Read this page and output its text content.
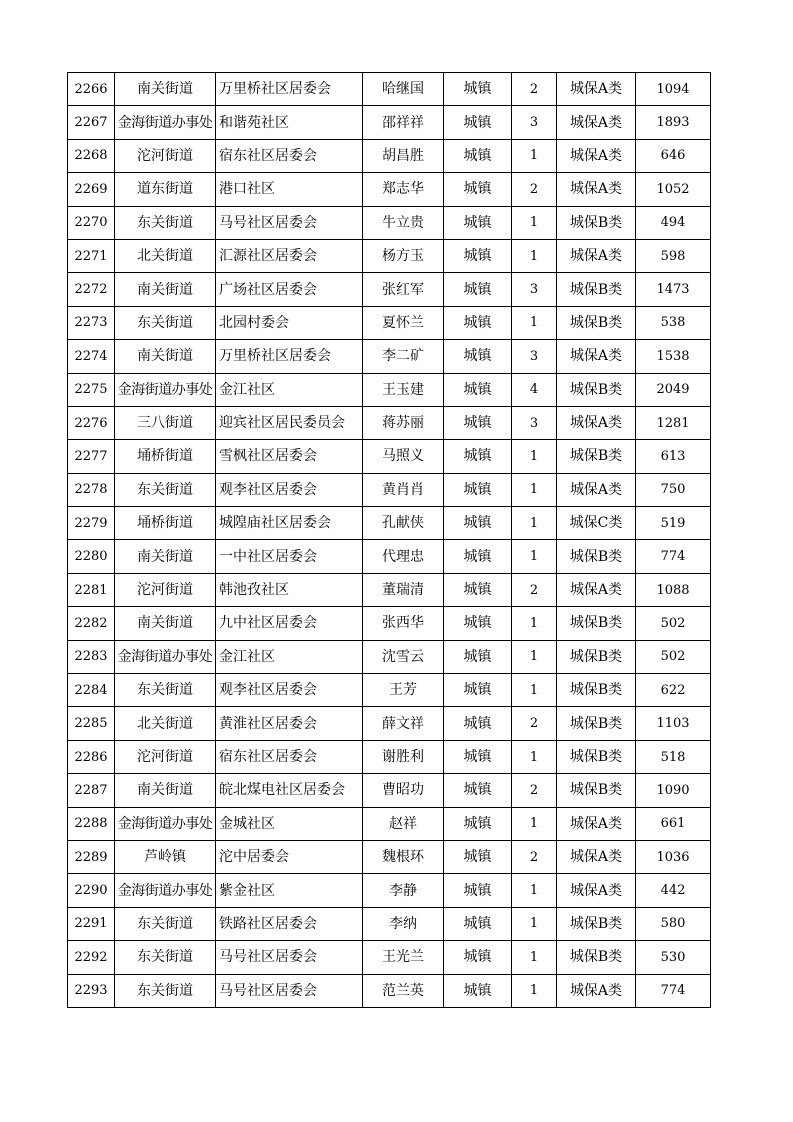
2266	南关街道	万里桥社区居委会	哈继国	城镇	2	城保A类	1094
2267	金海街道办事处	和谐苑社区	邵祥祥	城镇	3	城保A类	1893
2268	沱河街道	宿东社区居委会	胡昌胜	城镇	1	城保A类	646
2269	道东街道	港口社区	郑志华	城镇	2	城保A类	1052
2270	东关街道	马号社区居委会	牛立贵	城镇	1	城保B类	494
2271	北关街道	汇源社区居委会	杨方玉	城镇	1	城保A类	598
2272	南关街道	广场社区居委会	张红军	城镇	3	城保B类	1473
2273	东关街道	北园村委会	夏怀兰	城镇	1	城保B类	538
2274	南关街道	万里桥社区居委会	李二矿	城镇	3	城保A类	1538
2275	金海街道办事处	金江社区	王玉建	城镇	4	城保B类	2049
2276	三八街道	迎宾社区居民委员会	蒋苏丽	城镇	3	城保A类	1281
2277	埇桥街道	雪枫社区居委会	马照义	城镇	1	城保B类	613
2278	东关街道	观李社区居委会	黄肖肖	城镇	1	城保A类	750
2279	埇桥街道	城隍庙社区居委会	孔献侠	城镇	1	城保C类	519
2280	南关街道	一中社区居委会	代理忠	城镇	1	城保B类	774
2281	沱河街道	韩池孜社区	董瑞清	城镇	2	城保A类	1088
2282	南关街道	九中社区居委会	张西华	城镇	1	城保B类	502
2283	金海街道办事处	金江社区	沈雪云	城镇	1	城保B类	502
2284	东关街道	观李社区居委会	王芳	城镇	1	城保B类	622
2285	北关街道	黄淮社区居委会	薛文祥	城镇	2	城保B类	1103
2286	沱河街道	宿东社区居委会	谢胜利	城镇	1	城保B类	518
2287	南关街道	皖北煤电社区居委会	曹昭功	城镇	2	城保B类	1090
2288	金海街道办事处	金城社区	赵祥	城镇	1	城保A类	661
2289	芦岭镇	沱中居委会	魏根环	城镇	2	城保A类	1036
2290	金海街道办事处	紫金社区	李静	城镇	1	城保A类	442
2291	东关街道	铁路社区居委会	李纳	城镇	1	城保B类	580
2292	东关街道	马号社区居委会	王光兰	城镇	1	城保B类	530
2293	东关街道	马号社区居委会	范兰英	城镇	1	城保A类	774
